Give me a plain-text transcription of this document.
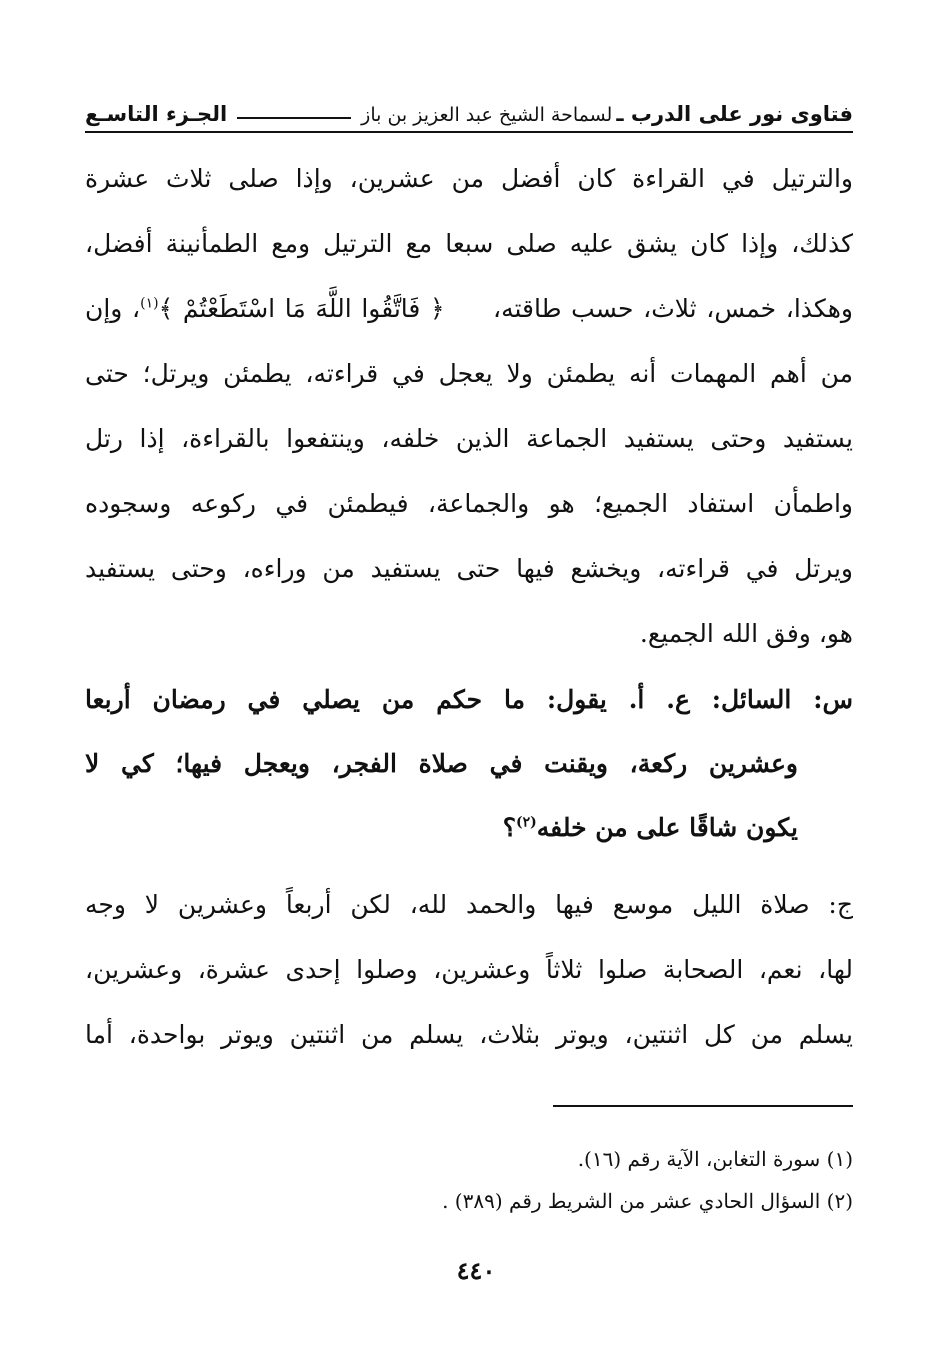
فتاوى نور على الدرب ـ
لسماحة الشيخ عبد العزيز بن باز
الجـزء التاسـع
والترتيل في القراءة كان أفضل من عشرين، وإذا صلى ثلاث عشرة
كذلك، وإذا كان يشق عليه صلى سبعا مع الترتيل ومع الطمأنينة أفضل،
وهكذا، خمس، ثلاث، حسب طاقته،     ﴿ فَاتَّقُوا اللَّهَ مَا اسْتَطَعْتُمْ ﴾$^{(١)}$، وإن
من أهم المهمات أنه يطمئن ولا يعجل في قراءته، يطمئن ويرتل؛ حتى
يستفيد وحتى يستفيد الجماعة الذين خلفه، وينتفعوا بالقراءة، إذا رتل
واطمأن استفاد الجميع؛ هو والجماعة، فيطمئن في ركوعه وسجوده
ويرتل في قراءته، ويخشع فيها حتى يستفيد من وراءه، وحتى يستفيد
هو، وفق الله الجميع.
س: السائل: ع. أ. يقول: ما حكم من يصلي في رمضان أربعا
وعشرين ركعة، ويقنت في صلاة الفجر، ويعجل فيها؛ كي لا
يكون شاقًا على من خلفه$^{(٢)}$؟
ج: صلاة الليل موسع فيها والحمد لله، لكن أربعاً وعشرين لا وجه
لها، نعم، الصحابة صلوا ثلاثاً وعشرين، وصلوا إحدى عشرة، وعشرين،
يسلم من كل اثنتين، ويوتر بثلاث، يسلم من اثنتين ويوتر بواحدة، أما
(١) سورة التغابن، الآية رقم (١٦).
(٢) السؤال الحادي عشر من الشريط رقم (٣٨٩) .
٤٤٠
